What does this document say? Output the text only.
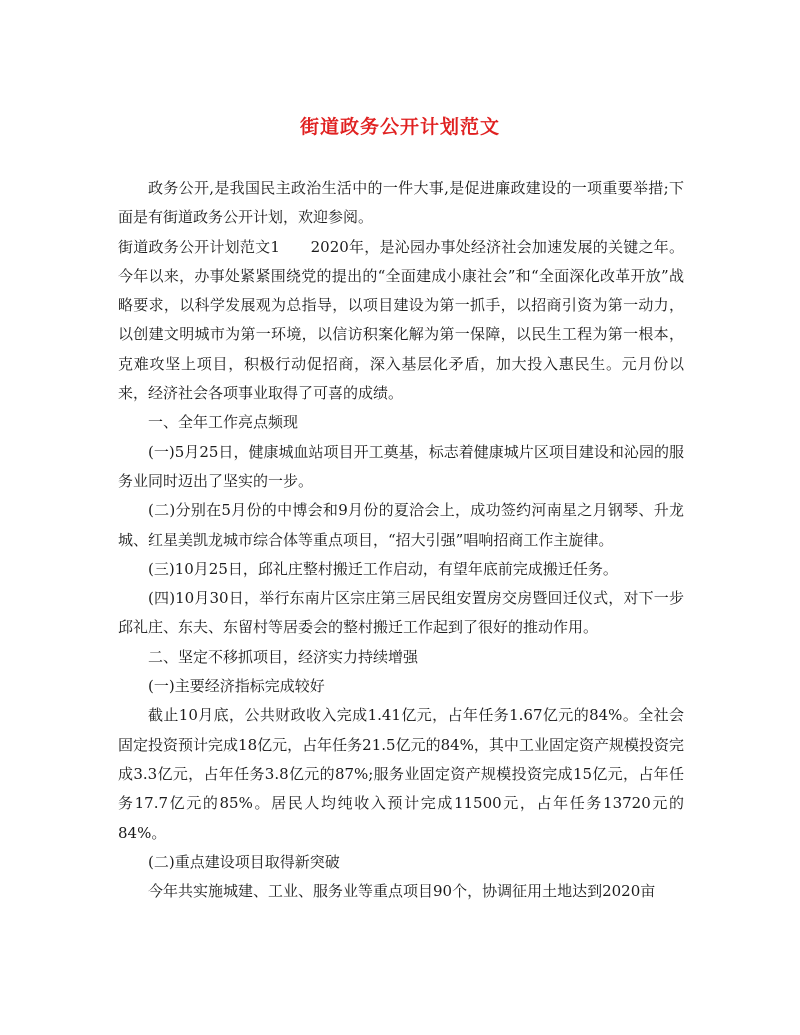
街道政务公开计划范文

政务公开,是我国民主政治生活中的一件大事,是促进廉政建设的一项重要举措;下面是有街道政务公开计划，欢迎参阅。

街道政务公开计划范文1　　2020年，是沁园办事处经济社会加速发展的关键之年。今年以来，办事处紧紧围绕党的提出的“全面建成小康社会”和“全面深化改革开放”战略要求，以科学发展观为总指导，以项目建设为第一抓手，以招商引资为第一动力，以创建文明城市为第一环境，以信访积案化解为第一保障，以民生工程为第一根本，克难攻坚上项目，积极行动促招商，深入基层化矛盾，加大投入惠民生。元月份以来，经济社会各项事业取得了可喜的成绩。

一、全年工作亮点频现

(一)5月25日，健康城血站项目开工奠基，标志着健康城片区项目建设和沁园的服务业同时迈出了坚实的一步。

(二)分别在5月份的中博会和9月份的夏洽会上，成功签约河南星之月钢琴、升龙城、红星美凯龙城市综合体等重点项目，“招大引强”唱响招商工作主旋律。

(三)10月25日，邱礼庄整村搬迁工作启动，有望年底前完成搬迁任务。

(四)10月30日，举行东南片区宗庄第三居民组安置房交房暨回迁仪式，对下一步邱礼庄、东夫、东留村等居委会的整村搬迁工作起到了很好的推动作用。

二、坚定不移抓项目，经济实力持续增强

(一)主要经济指标完成较好

截止10月底，公共财政收入完成1.41亿元，占年任务1.67亿元的84%。全社会固定投资预计完成18亿元，占年任务21.5亿元的84%，其中工业固定资产规模投资完成3.3亿元，占年任务3.8亿元的87%;服务业固定资产规模投资完成15亿元，占年任务17.7亿元的85%。居民人均纯收入预计完成11500元，占年任务13720元的84%。

(二)重点建设项目取得新突破

今年共实施城建、工业、服务业等重点项目90个，协调征用土地达到2020亩
